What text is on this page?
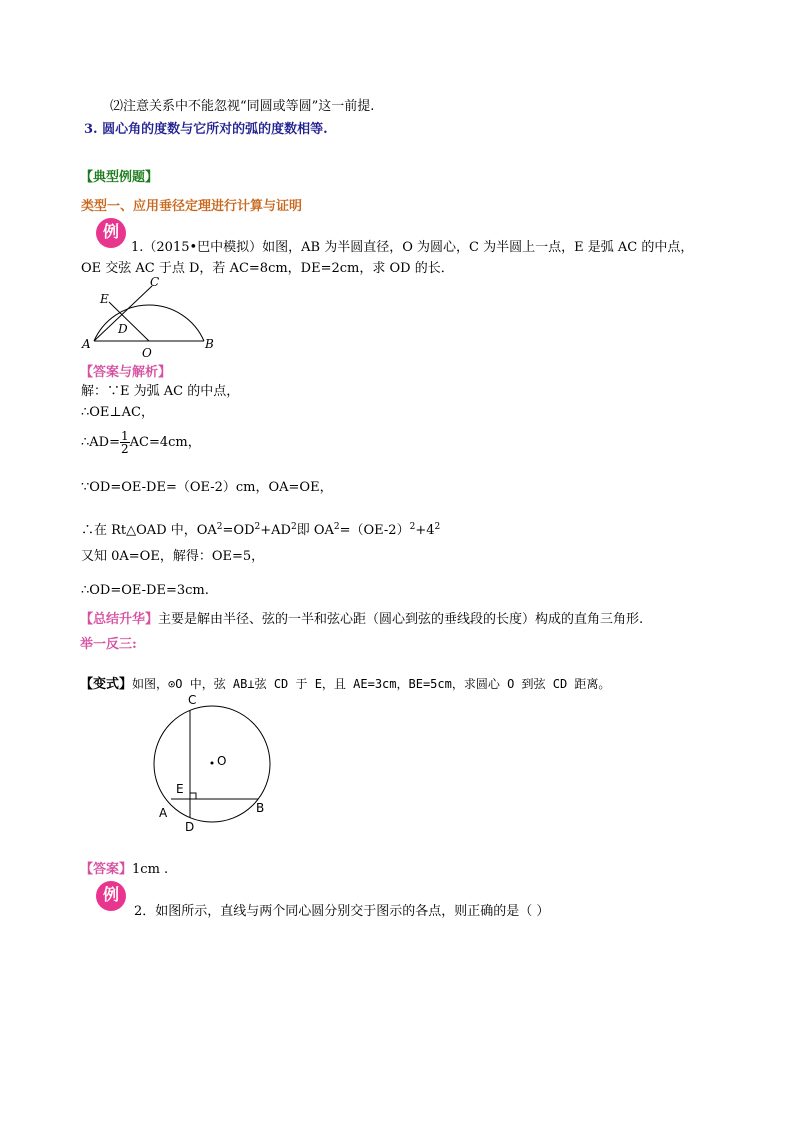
⑵注意关系中不能忽视“同圆或等圆”这一前提.
3. 圆心角的度数与它所对的弧的度数相等.
【典型例题】
类型一、应用垂径定理进行计算与证明
例
1.（2015•巴中模拟）如图，AB 为半圆直径，O 为圆心，C 为半圆上一点，E 是弧 AC 的中点，
OE 交弦 AC 于点 D，若 AC=8cm，DE=2cm，求 OD 的长．
C
E
D
A
O
B
【答案与解析】
解：∵E 为弧 AC 的中点，
∴OE⊥AC，
∴AD= $\frac{1}{2} AC=4cm$，
∵OD=OE-DE=（OE-2）cm，OA=OE，
∴在 Rt△OAD 中，$OA^2=OD^2+AD^2$即 $OA^2=(OE-2)^2+4^2$
又知 0A=OE，解得：OE=5，
∴OD=OE-DE=3cm.
【总结升华】主要是解由半径、弦的一半和弦心距（圆心到弦的垂线段的长度）构成的直角三角形.
举一反三:
【变式】如图，⊙O 中，弦 AB⊥弦 CD 于 E，且 AE=3cm，BE=5cm，求圆心 O 到弦 CD 距离。
C
O
E
B
A
D
【答案】1cm .
例
2．如图所示，直线与两个同心圆分别交于图示的各点，则正确的是（ ）
